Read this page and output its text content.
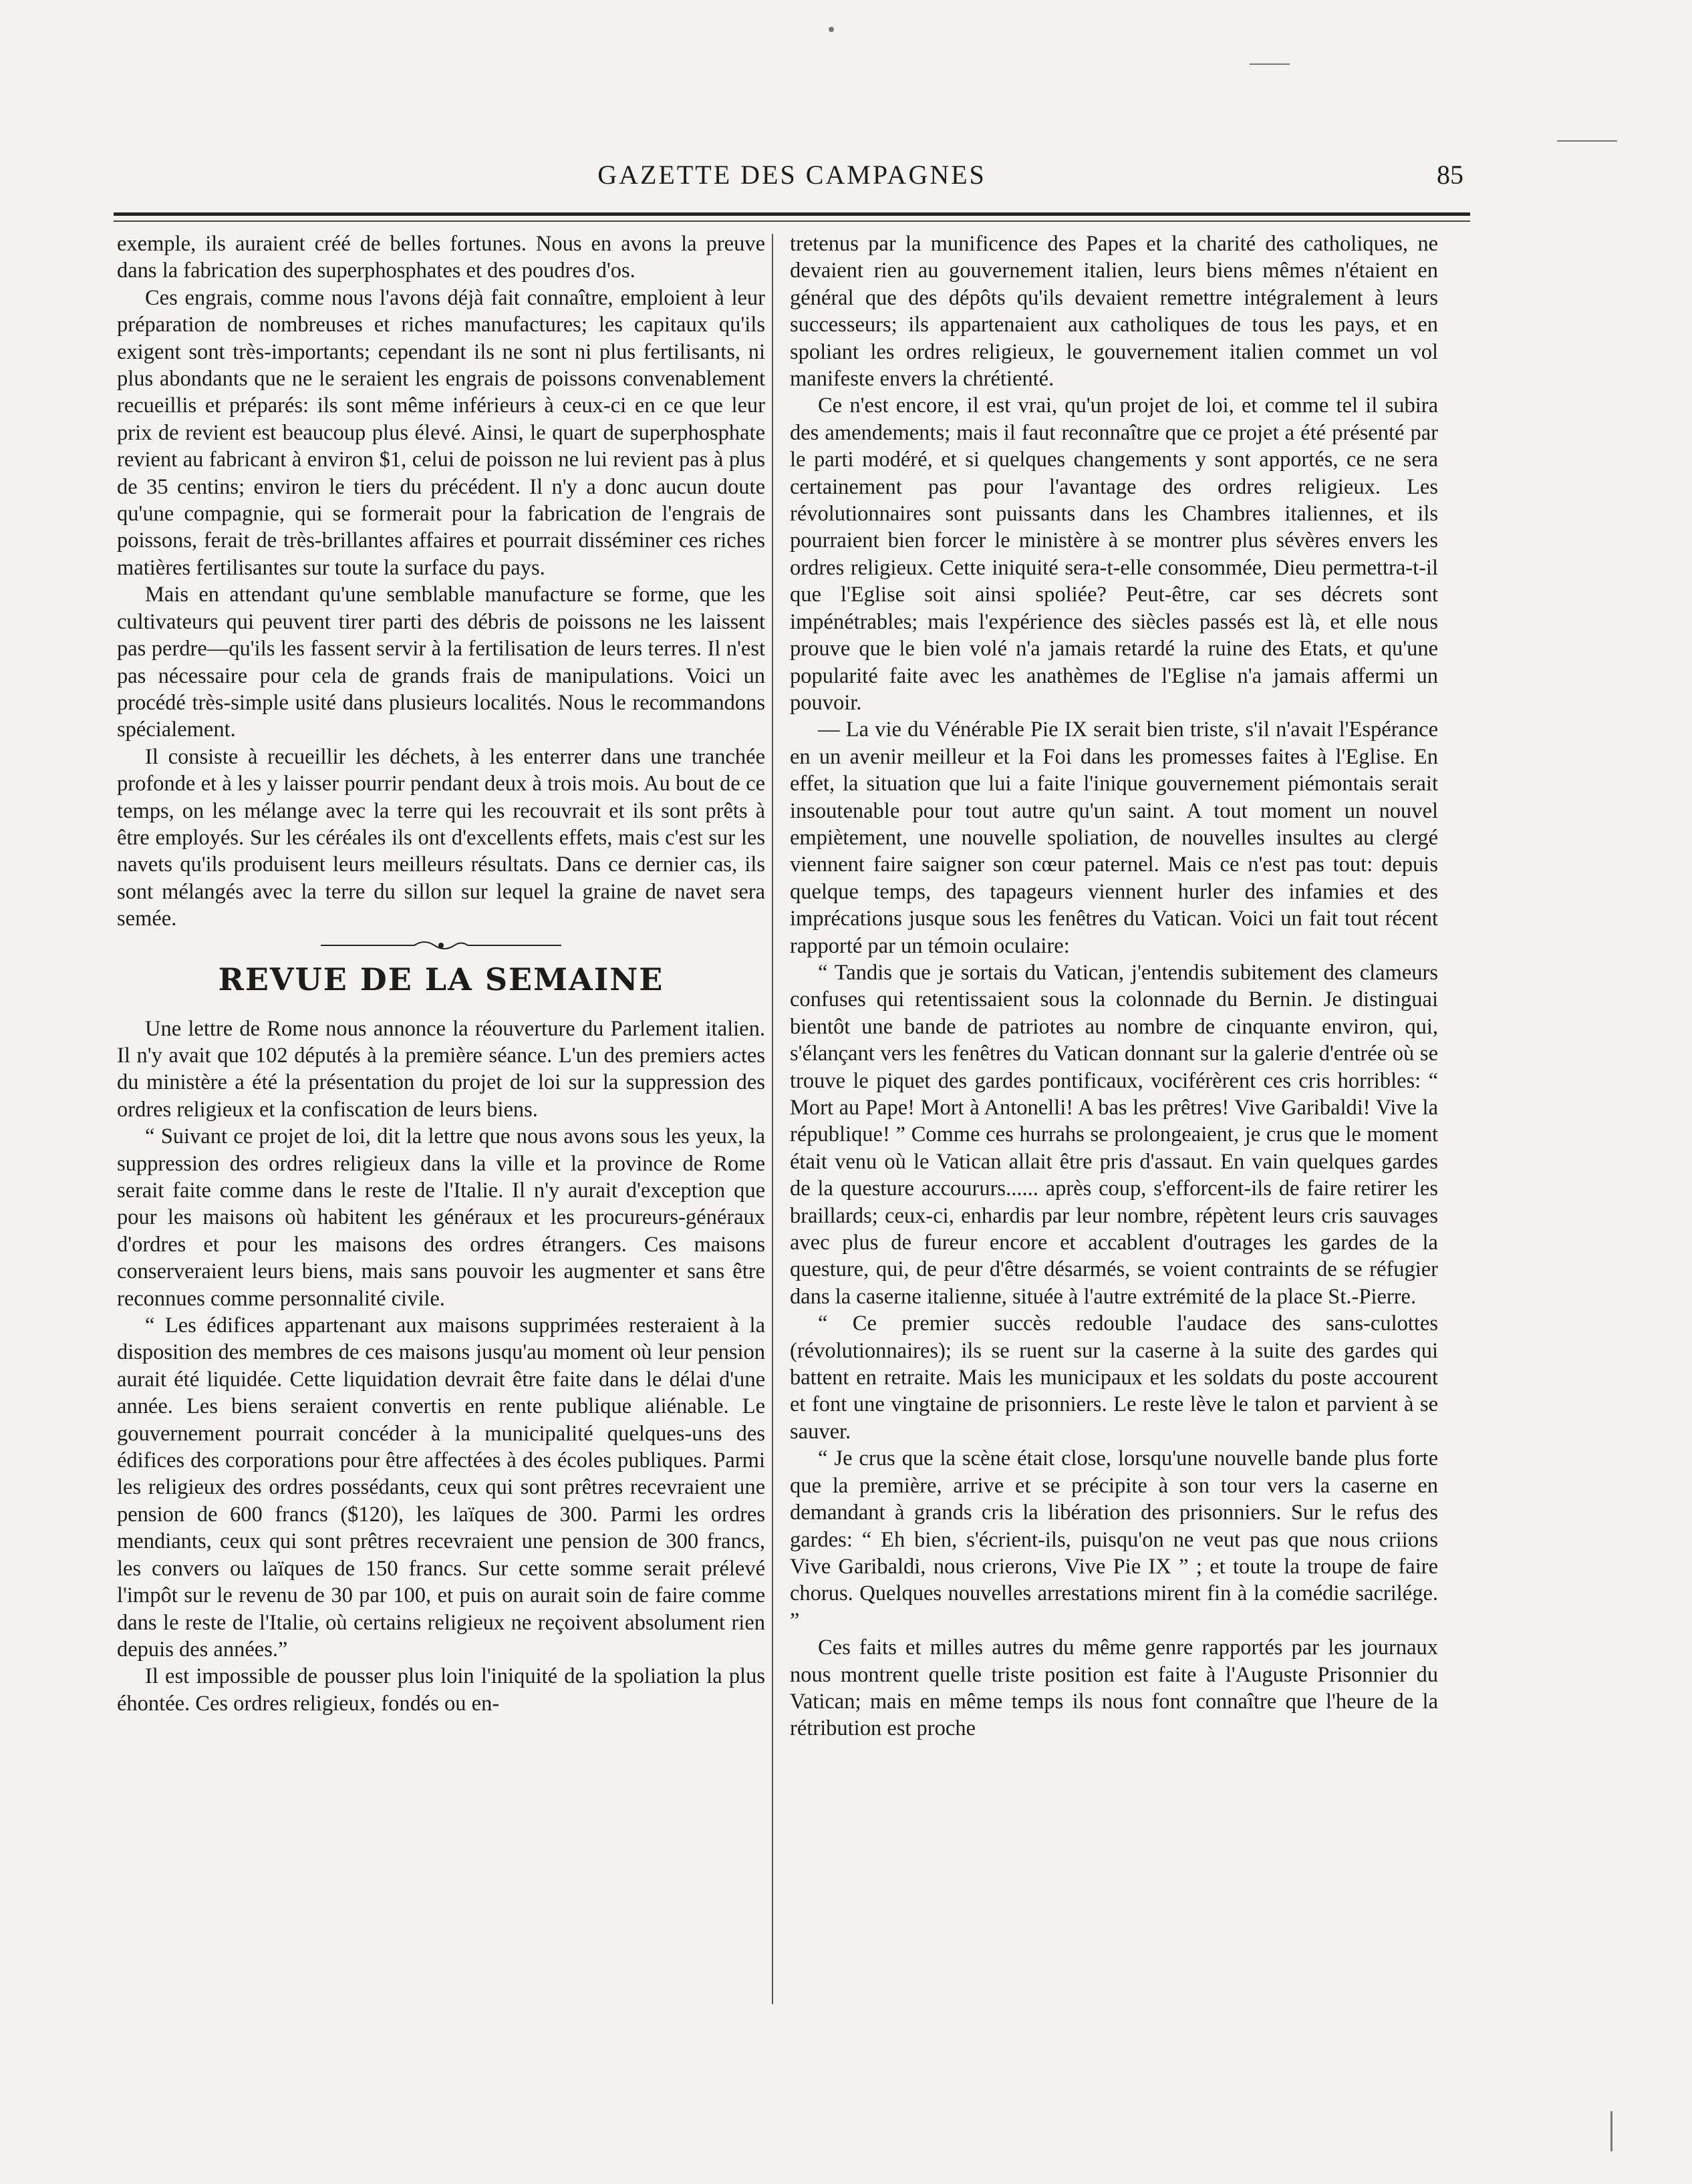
GAZETTE DES CAMPAGNES	85

exemple, ils auraient créé de belles fortunes. Nous en avons la preuve dans la fabrication des superphosphates et des poudres d'os.

Ces engrais, comme nous l'avons déjà fait connaître, emploient à leur préparation de nombreuses et riches manufactures; les capitaux qu'ils exigent sont très-importants; cependant ils ne sont ni plus fertilisants, ni plus abondants que ne le seraient les engrais de poissons convenablement recueillis et préparés: ils sont même inférieurs à ceux-ci en ce que leur prix de revient est beaucoup plus élevé. Ainsi, le quart de superphosphate revient au fabricant à environ $1, celui de poisson ne lui revient pas à plus de 35 centins; environ le tiers du précédent. Il n'y a donc aucun doute qu'une compagnie, qui se formerait pour la fabrication de l'engrais de poissons, ferait de très-brillantes affaires et pourrait disséminer ces riches matières fertilisantes sur toute la surface du pays.

Mais en attendant qu'une semblable manufacture se forme, que les cultivateurs qui peuvent tirer parti des débris de poissons ne les laissent pas perdre—qu'ils les fassent servir à la fertilisation de leurs terres. Il n'est pas nécessaire pour cela de grands frais de manipulations. Voici un procédé très-simple usité dans plusieurs localités. Nous le recommandons spécialement.

Il consiste à recueillir les déchets, à les enterrer dans une tranchée profonde et à les y laisser pourrir pendant deux à trois mois. Au bout de ce temps, on les mélange avec la terre qui les recouvrait et ils sont prêts à être employés. Sur les céréales ils ont d'excellents effets, mais c'est sur les navets qu'ils produisent leurs meilleurs résultats. Dans ce dernier cas, ils sont mélangés avec la terre du sillon sur lequel la graine de navet sera semée.

REVUE DE LA SEMAINE

Une lettre de Rome nous annonce la réouverture du Parlement italien. Il n'y avait que 102 députés à la première séance. L'un des premiers actes du ministère a été la présentation du projet de loi sur la suppression des ordres religieux et la confiscation de leurs biens.

“ Suivant ce projet de loi, dit la lettre que nous avons sous les yeux, la suppression des ordres religieux dans la ville et la province de Rome serait faite comme dans le reste de l'Italie. Il n'y aurait d'exception que pour les maisons où habitent les généraux et les procureurs-généraux d'ordres et pour les maisons des ordres étrangers. Ces maisons conserveraient leurs biens, mais sans pouvoir les augmenter et sans être reconnues comme personnalité civile.

“ Les édifices appartenant aux maisons supprimées resteraient à la disposition des membres de ces maisons jusqu'au moment où leur pension aurait été liquidée. Cette liquidation devrait être faite dans le délai d'une année. Les biens seraient convertis en rente publique aliénable. Le gouvernement pourrait concéder à la municipalité quelques-uns des édifices des corporations pour être affectées à des écoles publiques. Parmi les religieux des ordres possédants, ceux qui sont prêtres recevraient une pension de 600 francs ($120), les laïques de 300. Parmi les ordres mendiants, ceux qui sont prêtres recevraient une pension de 300 francs, les convers ou laïques de 150 francs. Sur cette somme serait prélevé l'impôt sur le revenu de 30 par 100, et puis on aurait soin de faire comme dans le reste de l'Italie, où certains religieux ne reçoivent absolument rien depuis des années.”

Il est impossible de pousser plus loin l'iniquité de la spoliation la plus éhontée. Ces ordres religieux, fondés ou en-

tretenus par la munificence des Papes et la charité des catholiques, ne devaient rien au gouvernement italien, leurs biens mêmes n'étaient en général que des dépôts qu'ils devaient remettre intégralement à leurs successeurs; ils appartenaient aux catholiques de tous les pays, et en spoliant les ordres religieux, le gouvernement italien commet un vol manifeste envers la chrétienté.

Ce n'est encore, il est vrai, qu'un projet de loi, et comme tel il subira des amendements; mais il faut reconnaître que ce projet a été présenté par le parti modéré, et si quelques changements y sont apportés, ce ne sera certainement pas pour l'avantage des ordres religieux. Les révolutionnaires sont puissants dans les Chambres italiennes, et ils pourraient bien forcer le ministère à se montrer plus sévères envers les ordres religieux. Cette iniquité sera-t-elle consommée, Dieu permettra-t-il que l'Eglise soit ainsi spoliée? Peut-être, car ses décrets sont impénétrables; mais l'expérience des siècles passés est là, et elle nous prouve que le bien volé n'a jamais retardé la ruine des Etats, et qu'une popularité faite avec les anathèmes de l'Eglise n'a jamais affermi un pouvoir.

— La vie du Vénérable Pie IX serait bien triste, s'il n'avait l'Espérance en un avenir meilleur et la Foi dans les promesses faites à l'Eglise. En effet, la situation que lui a faite l'inique gouvernement piémontais serait insoutenable pour tout autre qu'un saint. A tout moment un nouvel empiètement, une nouvelle spoliation, de nouvelles insultes au clergé viennent faire saigner son cœur paternel. Mais ce n'est pas tout: depuis quelque temps, des tapageurs viennent hurler des infamies et des imprécations jusque sous les fenêtres du Vatican. Voici un fait tout récent rapporté par un témoin oculaire:

“ Tandis que je sortais du Vatican, j'entendis subitement des clameurs confuses qui retentissaient sous la colonnade du Bernin. Je distinguai bientôt une bande de patriotes au nombre de cinquante environ, qui, s'élançant vers les fenêtres du Vatican donnant sur la galerie d'entrée où se trouve le piquet des gardes pontificaux, vociférèrent ces cris horribles: “ Mort au Pape! Mort à Antonelli! A bas les prêtres! Vive Garibaldi! Vive la république! ” Comme ces hurrahs se prolongeaient, je crus que le moment était venu où le Vatican allait être pris d'assaut. En vain quelques gardes de la questure accoururs...... après coup, s'efforcent-ils de faire retirer les braillards; ceux-ci, enhardis par leur nombre, répètent leurs cris sauvages avec plus de fureur encore et accablent d'outrages les gardes de la questure, qui, de peur d'être désarmés, se voient contraints de se réfugier dans la caserne italienne, située à l'autre extrémité de la place St.-Pierre.

“ Ce premier succès redouble l'audace des sans-culottes (révolutionnaires); ils se ruent sur la caserne à la suite des gardes qui battent en retraite. Mais les municipaux et les soldats du poste accourent et font une vingtaine de prisonniers. Le reste lève le talon et parvient à se sauver.

“ Je crus que la scène était close, lorsqu'une nouvelle bande plus forte que la première, arrive et se précipite à son tour vers la caserne en demandant à grands cris la libération des prisonniers. Sur le refus des gardes: “ Eh bien, s'écrient-ils, puisqu'on ne veut pas que nous criions Vive Garibaldi, nous crierons, Vive Pie IX ” ; et toute la troupe de faire chorus. Quelques nouvelles arrestations mirent fin à la comédie sacrilége. ”

Ces faits et milles autres du même genre rapportés par les journaux nous montrent quelle triste position est faite à l'Auguste Prisonnier du Vatican; mais en même temps ils nous font connaître que l'heure de la rétribution est proche
